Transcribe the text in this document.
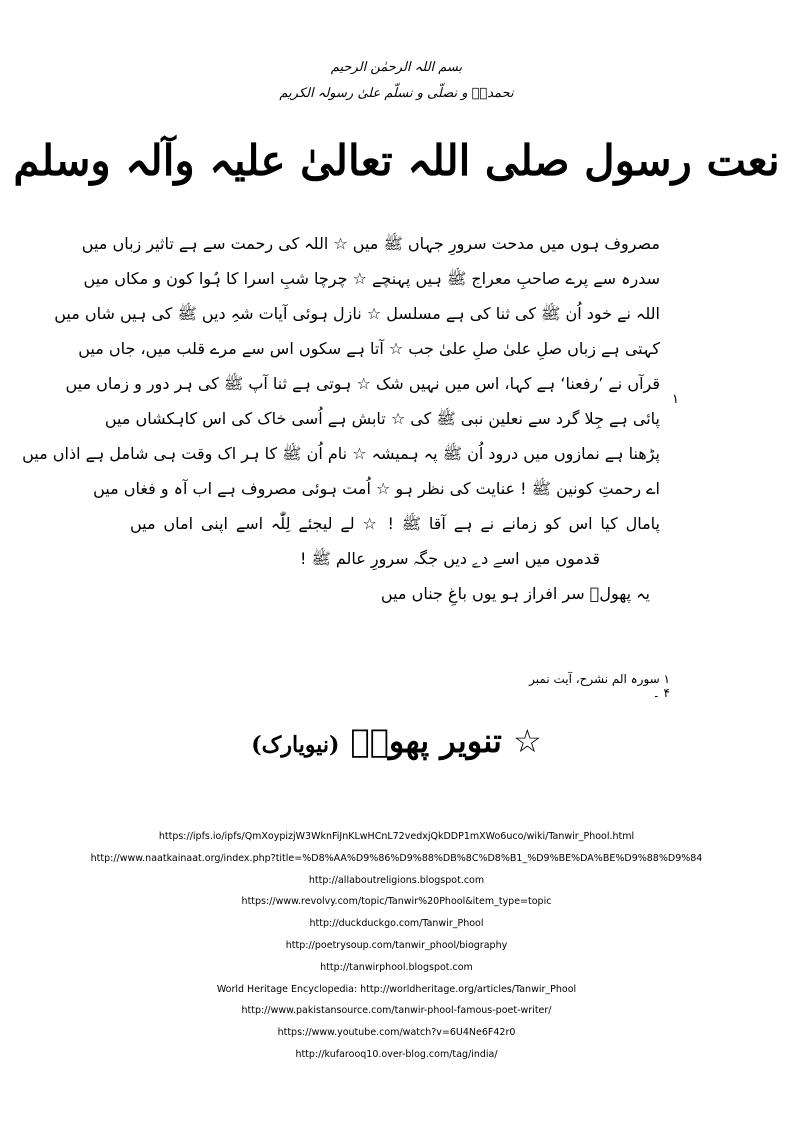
بسم اللہ الرحمٰن الرحیم
نحمدہٗ و نصلّی و نسلّم علیٰ رسولہ الکریم
نعت رسول صلی اللہ تعالیٰ علیہ وآلہ وسلم
مصروف ہوں میں مدحت سرورِ جہاں ﷺ میں ☆ اللہ کی رحمت سے ہے تاثیر زباں میں
سدرہ سے پرے صاحبِ معراج ﷺ ہیں پہنچے ☆ چرچا شبِ اسرا کا ہُوا کون و مکاں میں
اللہ نے خود اُن ﷺ کی ثنا کی ہے مسلسل ☆ نازل ہوئی آیات شہِ دیں ﷺ کی ہیں شاں میں
کہتی ہے زباں صلِ علیٰ صلِ علیٰ جب ☆ آتا ہے سکوں اس سے مرے قلب میں، جاں میں
قرآں نے ’رفعنا‘ ہے کہا، اس میں نہیں شک ☆ ہوتی ہے ثنا آپ ﷺ کی ہر دور و زماں میں
پائی ہے جِلا گرد سے نعلین نبی ﷺ کی ☆ تابش ہے اُسی خاک کی اس کاہکشاں میں
پڑھنا ہے نمازوں میں درود اُن ﷺ پہ ہمیشہ ☆ نام اُن ﷺ کا ہر اک وقت ہی شامل ہے اذاں میں
اے رحمتِ کونین ﷺ ! عنایت کی نظر ہو ☆ اُمت ہوئی مصروف ہے اب آہ و فغاں میں
پامال کیا اس کو زمانے نے ہے آقا ﷺ ! ☆ لے لیجئے لِلّٰہ اسے اپنی اماں میں
قدموں میں اسے دے دیں جگہ سرورِ عالم ﷺ !
یہ پھولؔ سر افراز ہو یوں باغِ جناں میں
۱
۱ سورہ الم نشرح، آیت نمبر ۴ ۔
☆ تنویر پھولؔ (نیویارک)
https://ipfs.io/ipfs/QmXoypizjW3WknFiJnKLwHCnL72vedxjQkDDP1mXWo6uco/wiki/Tanwir_Phool.html
http://www.naatkainaat.org/index.php?title=%D8%AA%D9%86%D9%88%DB%8C%D8%B1_%D9%BE%DA%BE%D9%88%D9%84
http://allaboutreligions.blogspot.com
https://www.revolvy.com/topic/Tanwir%20Phool&item_type=topic
http://duckduckgo.com/Tanwir_Phool
http://poetrysoup.com/tanwir_phool/biography
http://tanwirphool.blogspot.com
World Heritage Encyclopedia: http://worldheritage.org/articles/Tanwir_Phool
http://www.pakistansource.com/tanwir-phool-famous-poet-writer/
https://www.youtube.com/watch?v=6U4Ne6F42r0
http://kufarooq10.over-blog.com/tag/india/
